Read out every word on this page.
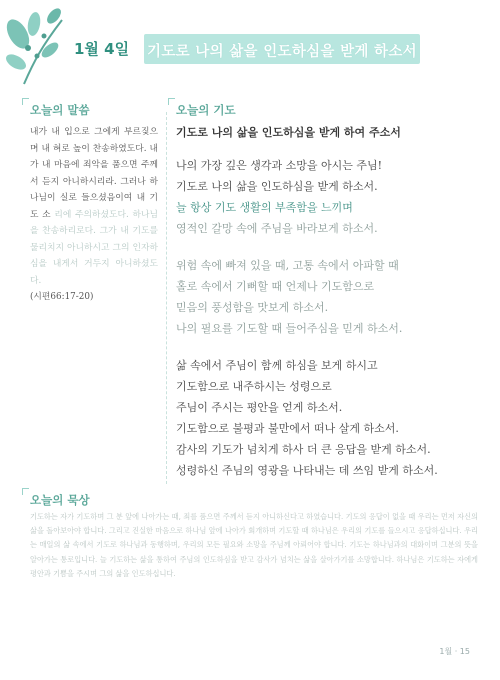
1월 4일 기도로 나의 삶을 인도하심을 받게 하소서
오늘의 말씀
내가 내 입으로 그에게 부르짖으며 내 혀로 높이 찬송하였도다. 내가 내 마음에 죄악을 품으면 주께서 듣지 아니하시리라. 그러나 하나님이 실로 들으셨음이여 내 기도 소 리에 주의하셨도다. 하나님을 찬송하리로다. 그가 내 기도를 물리치지 아니하시고 그의 인자하심을 내게서 거두지 아니하셨도다.
(시편66:17-20)
오늘의 기도
기도로 나의 삶을 인도하심을 받게 하여 주소서
나의 가장 깊은 생각과 소망을 아시는 주님!
기도로 나의 삶을 인도하심을 받게 하소서.
늘 항상 기도 생활의 부족함을 느끼며
영적인 갈망 속에 주님을 바라보게 하소서.
위험 속에 빠져 있을 때, 고통 속에서 아파할 때
홀로 속에서 기뻐할 때 언제나 기도함으로
믿음의 풍성함을 맛보게 하소서.
나의 필요를 기도할 때 들어주심을 믿게 하소서.
삶 속에서 주님이 함께 하심을 보게 하시고
기도함으로 내주하시는 성령으로
주님이 주시는 평안을 얻게 하소서.
기도함으로 불평과 불만에서 떠나 살게 하소서.
감사의 기도가 넘치게 하사 더 큰 응답을 받게 하소서.
성령하신 주님의 영광을 나타내는 데 쓰임 받게 하소서.
오늘의 묵상
기도하는 자가 기도하며 그 분 앞에 나아가는 때, 죄를 품으면 주께서 듣지 아니하신다고 하였습니다. 기도의 응답이 없을 때 우리는 먼저 자신의 삶을 돌아보아야 합니다. 그리고 진실한 마음으로 하나님 앞에 나아가 회개하며 기도할 때 하나님은 우리의 기도를 들으시고 응답하십니다. 우리는 매일의 삶 속에서 기도로 하나님과 동행하며, 우리의 모든 필요와 소망을 주님께 아뢰어야 합니다. 기도는 하나님과의 대화이며 그분의 뜻을 알아가는 통로입니다. 늘 기도하는 삶을 통하여 주님의 인도하심을 받고 감사가 넘치는 삶을 살아가기를 소망합니다. 하나님은 기도하는 자에게 평안과 기쁨을 주시며 그의 삶을 인도하십니다.
1월 · 15
